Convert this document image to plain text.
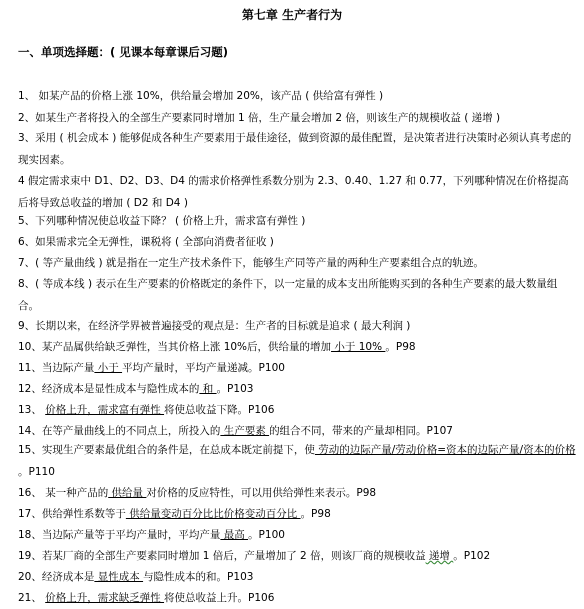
第七章 生产者行为
一、单项选择题：( 见课本每章课后习题)
1、 如某产品的价格上涨 10%，供给量会增加 20%，该产品 ( 供给富有弹性 )
2、如某生产者将投入的全部生产要素同时增加 1 倍，生产量会增加 2 倍，则该生产的规模收益 ( 递增 )
3、采用 ( 机会成本 ) 能够促成各种生产要素用于最佳途径，做到资源的最佳配置，是决策者进行决策时必须认真考虑的现实因素。
4 假定需求束中 D1、D2、D3、D4 的需求价格弹性系数分别为 2.3、0.40、1.27 和 0.77，下列哪种情况在价格提高后将导致总收益的增加 ( D2 和 D4 )
5、下列哪种情况使总收益下降？ ( 价格上升，需求富有弹性 )
6、如果需求完全无弹性，课税将 ( 全部向消费者征收 )
7、( 等产量曲线 ) 就是指在一定生产技术条件下，能够生产同等产量的两种生产要素组合点的轨迹。
8、( 等成本线 ) 表示在生产要素的价格既定的条件下，以一定量的成本支出所能购买到的各种生产要素的最大数量组合。
9、长期以来，在经济学界被普遍接受的观点是：生产者的目标就是追求 ( 最大利润 )
10、某产品属供给缺乏弹性，当其价格上涨 10%后，供给量的增加 小于 10% 。P98
11、当边际产量 小于 平均产量时，平均产量递减。P100
12、经济成本是显性成本与隐性成本的 和 。P103
13、 价格上升，需求富有弹性 将使总收益下降。P106
14、在等产量曲线上的不同点上，所投入的 生产要素 的组合不同，带来的产量却相同。P107
15、实现生产要素最优组合的条件是，在总成本既定前提下，使 劳动的边际产量/劳动价格=资本的边际产量/资本的价格 。P110
16、 某一种产品的 供给量 对价格的反应特性，可以用供给弹性来表示。P98
17、供给弹性系数等于 供给量变动百分比比价格变动百分比 。P98
18、当边际产量等于平均产量时，平均产量 最高 。P100
19、若某厂商的全部生产要素同时增加 1 倍后，产量增加了 2 倍，则该厂商的规模收益 递增 。P102
20、经济成本是 显性成本 与隐性成本的和。P103
21、 价格上升，需求缺乏弹性 将使总收益上升。P106
